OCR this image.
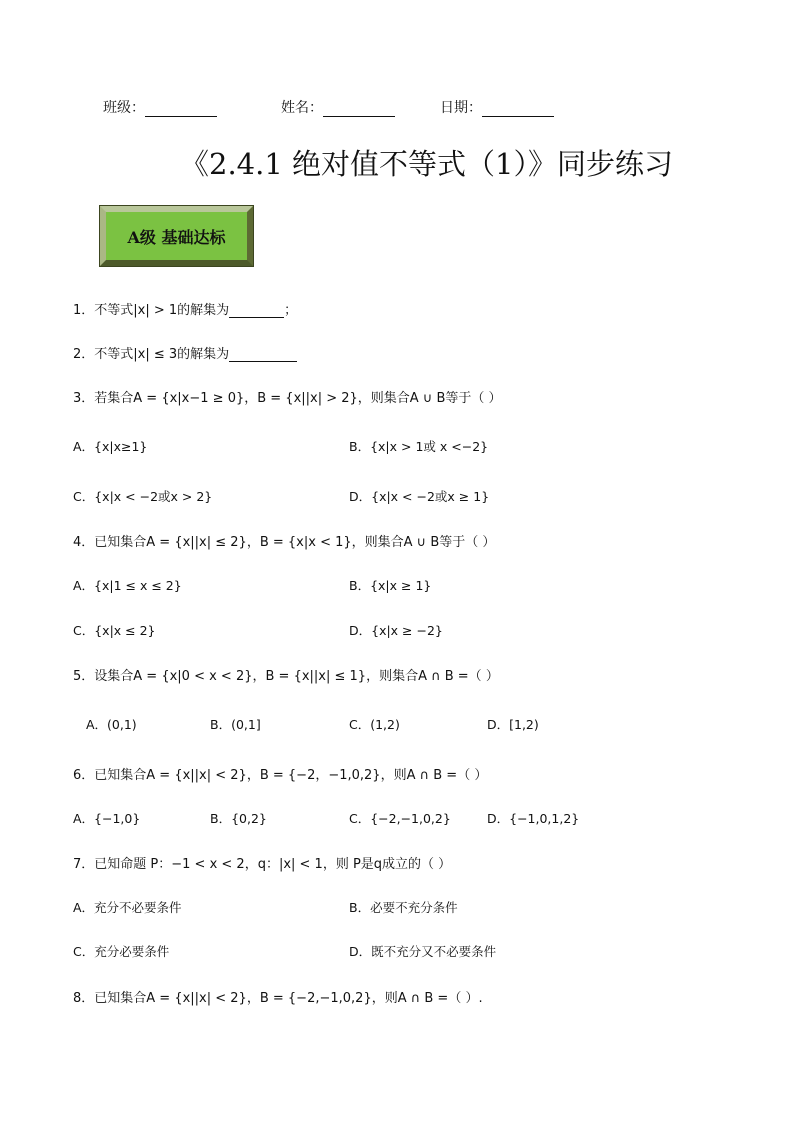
班级：	姓名：	日期：
《2.4.1 绝对值不等式（1）》同步练习
A级 基础达标
1．不等式|x| > 1的解集为	；
2．不等式|x| ≤ 3的解集为
3．若集合A = {x|x−1 ≥ 0}，B = {x||x| > 2}，则集合A ∪ B等于（ ）
A．{x|x≥1}	B．{x|x > 1或 x <−2}
C．{x|x < −2或x > 2}	D．{x|x < −2或x ≥ 1}
4．已知集合A = {x||x| ≤ 2}，B = {x|x < 1}，则集合A ∪ B等于（ ）
A．{x|1 ≤ x ≤ 2}	B．{x|x ≥ 1}
C．{x|x ≤ 2}	D．{x|x ≥ −2}
5．设集合A = {x|0 < x < 2}，B = {x||x| ≤ 1}，则集合A ∩ B =（ ）
A．(0,1)	B．(0,1]	C．(1,2)	D．[1,2)
6．已知集合A = {x||x| < 2}，B = {−2，−1,0,2}，则A ∩ B =（ ）
A．{−1,0}	B．{0,2}	C．{−2,−1,0,2}	D．{−1,0,1,2}
7．已知命题 P：−1 < x < 2，q：|x| < 1，则 P是q成立的（ ）
A．充分不必要条件	B．必要不充分条件
C．充分必要条件	D．既不充分又不必要条件
8．已知集合A = {x||x| < 2}，B = {−2,−1,0,2}，则A ∩ B =（ ）.
